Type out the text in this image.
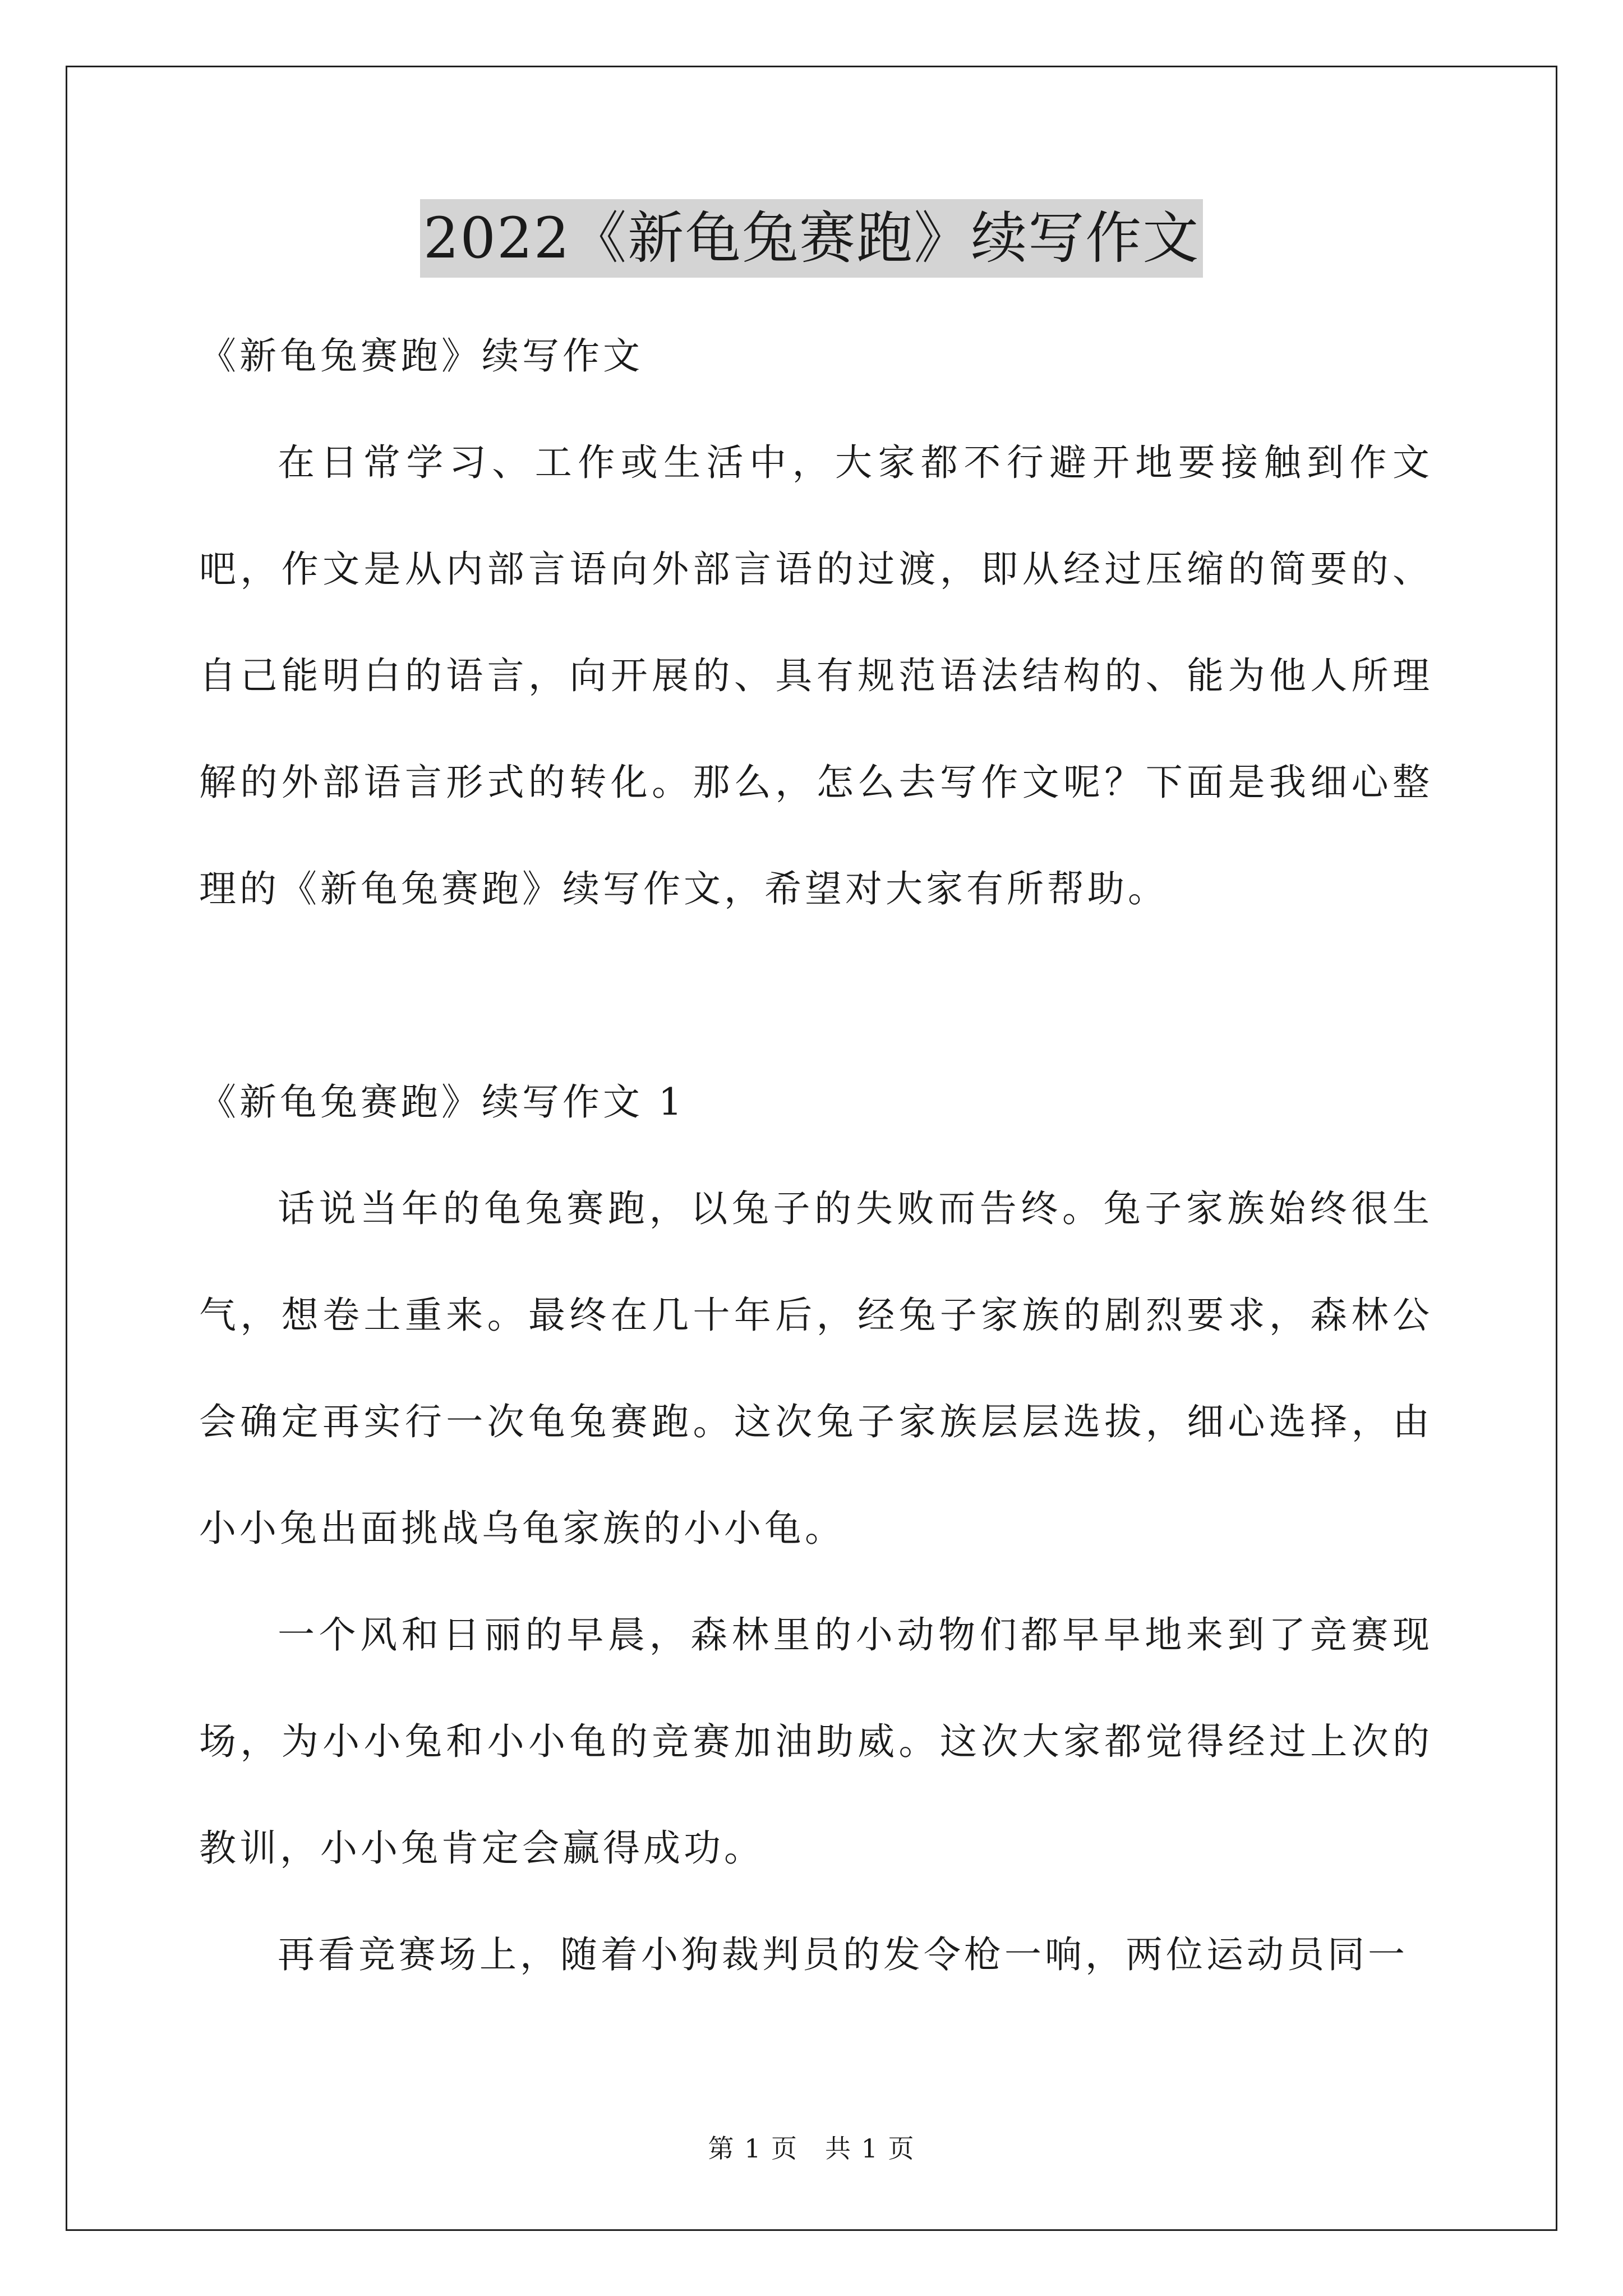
2022《新龟兔赛跑》续写作文

《新龟兔赛跑》续写作文

在日常学习、工作或生活中，大家都不行避开地要接触到作文吧，作文是从内部言语向外部言语的过渡，即从经过压缩的简要的、自己能明白的语言，向开展的、具有规范语法结构的、能为他人所理解的外部语言形式的转化。那么，怎么去写作文呢？下面是我细心整理的《新龟兔赛跑》续写作文，希望对大家有所帮助。

《新龟兔赛跑》续写作文 1

话说当年的龟兔赛跑，以兔子的失败而告终。兔子家族始终很生气，想卷土重来。最终在几十年后，经兔子家族的剧烈要求，森林公会确定再实行一次龟兔赛跑。这次兔子家族层层选拔，细心选择，由小小兔出面挑战乌龟家族的小小龟。

一个风和日丽的早晨，森林里的小动物们都早早地来到了竞赛现场，为小小兔和小小龟的竞赛加油助威。这次大家都觉得经过上次的教训，小小兔肯定会赢得成功。

再看竞赛场上，随着小狗裁判员的发令枪一响，两位运动员同一

第 1 页　共 1 页
